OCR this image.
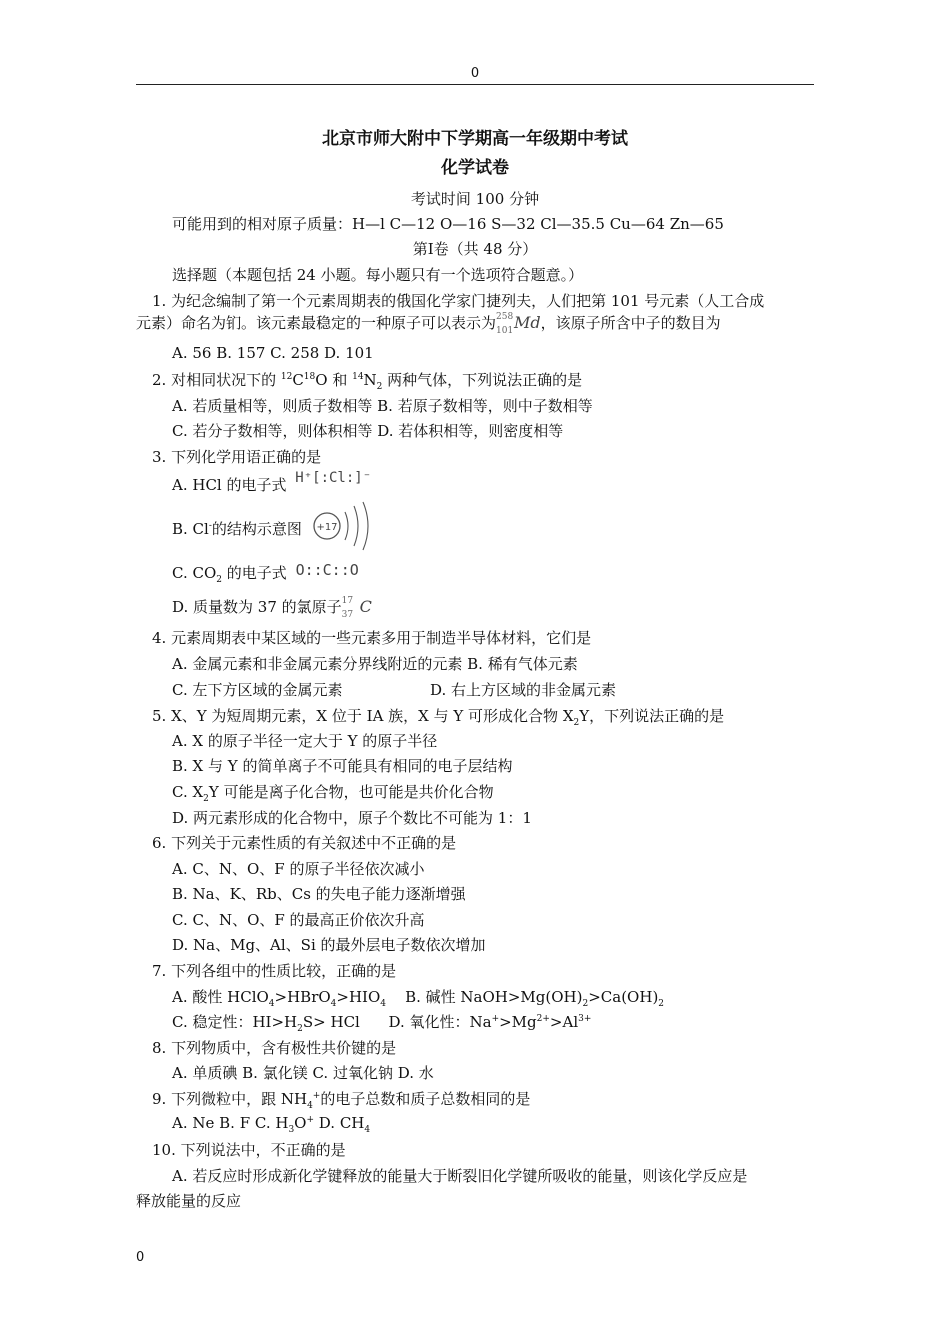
0
北京市师大附中下学期高一年级期中考试
化学试卷
考试时间 100 分钟
可能用到的相对原子质量：H—l C—12 O—16 S—32 Cl—35.5 Cu—64 Zn—65
第Ⅰ卷（共 48 分）
选择题（本题包括 24 小题。每小题只有一个选项符合题意。）
1. 为纪念编制了第一个元素周期表的俄国化学家门捷列夫，人们把第 101 号元素（人工合成
元素）命名为钔。该元素最稳定的一种原子可以表示为 258
101 Md，该原子所含中子的数目为
A. 56 B. 157 C. 258 D. 101
2. 对相同状况下的 $^{12}C^{18}O$ 和 $^{14}N_2$ 两种气体，下列说法正确的是
A. 若质量相等，则质子数相等 B. 若原子数相等，则中子数相等
C. 若分子数相等，则体积相等 D. 若体积相等，则密度相等
3. 下列化学用语正确的是
A. HCl 的电子式 H⁺[:Cl:]⁻
B. Cl-的结构示意图 +17
C. $CO_2$ 的电子式 O::C::O
D. 质量数为 37 的氯原子 17
37 C
4. 元素周期表中某区域的一些元素多用于制造半导体材料，它们是
A. 金属元素和非金属元素分界线附近的元素 B. 稀有气体元素
C. 左下方区域的金属元素	D. 右上方区域的非金属元素
5. X、Y 为短周期元素，X 位于 IA 族，X 与 Y 可形成化合物 $X_2Y$，下列说法正确的是
A. X 的原子半径一定大于 Y 的原子半径
B. X 与 Y 的简单离子不可能具有相同的电子层结构
C. $X_2Y$ 可能是离子化合物，也可能是共价化合物
D. 两元素形成的化合物中，原子个数比不可能为 1：1
6. 下列关于元素性质的有关叙述中不正确的是
A. C、N、O、F 的原子半径依次减小
B. Na、K、Rb、Cs 的失电子能力逐渐增强
C. C、N、O、F 的最高正价依次升高
D. Na、Mg、Al、Si 的最外层电子数依次增加
7. 下列各组中的性质比较，正确的是
A. 酸性 $HClO_4>HBrO_4>HIO_4$ B. 碱性 $NaOH>Mg(OH)_2>Ca(OH)_2$
C. 稳定性：$HI>H_2S>$ HCl D. 氧化性：$Na^+>Mg^{2+}>Al^{3+}$
8. 下列物质中，含有极性共价键的是
A. 单质碘 B. 氯化镁 C. 过氧化钠 D. 水
9. 下列微粒中，跟 $NH_4^+$的电子总数和质子总数相同的是
A. Ne B. F C. $H_3O^+$ D. $CH_4$
10. 下列说法中，不正确的是
A. 若反应时形成新化学键释放的能量大于断裂旧化学键所吸收的能量，则该化学反应是
释放能量的反应
0
